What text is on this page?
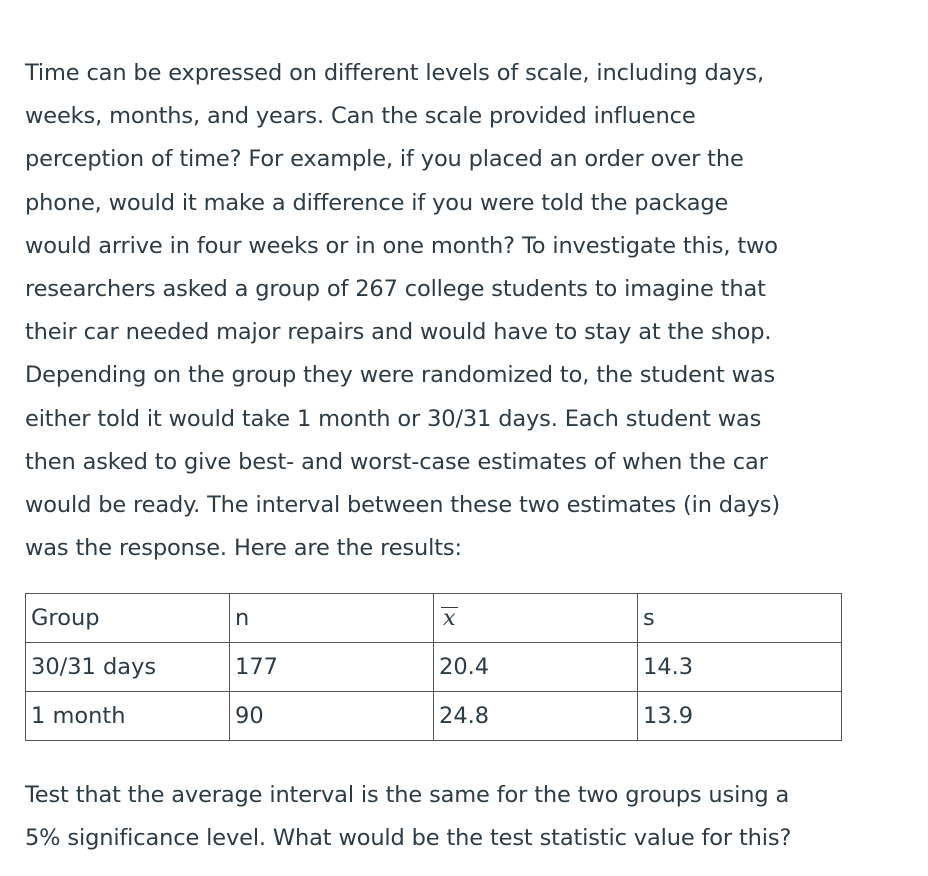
Time can be expressed on different levels of scale, including days,
weeks, months, and years. Can the scale provided influence
perception of time? For example, if you placed an order over the
phone, would it make a difference if you were told the package
would arrive in four weeks or in one month? To investigate this, two
researchers asked a group of 267 college students to imagine that
their car needed major repairs and would have to stay at the shop.
Depending on the group they were randomized to, the student was
either told it would take 1 month or 30/31 days. Each student was
then asked to give best- and worst-case estimates of when the car
would be ready. The interval between these two estimates (in days)
was the response. Here are the results:

Group	n	x	s
30/31 days	177	20.4	14.3
1 month	90	24.8	13.9

Test that the average interval is the same for the two groups using a
5% significance level. What would be the test statistic value for this?
